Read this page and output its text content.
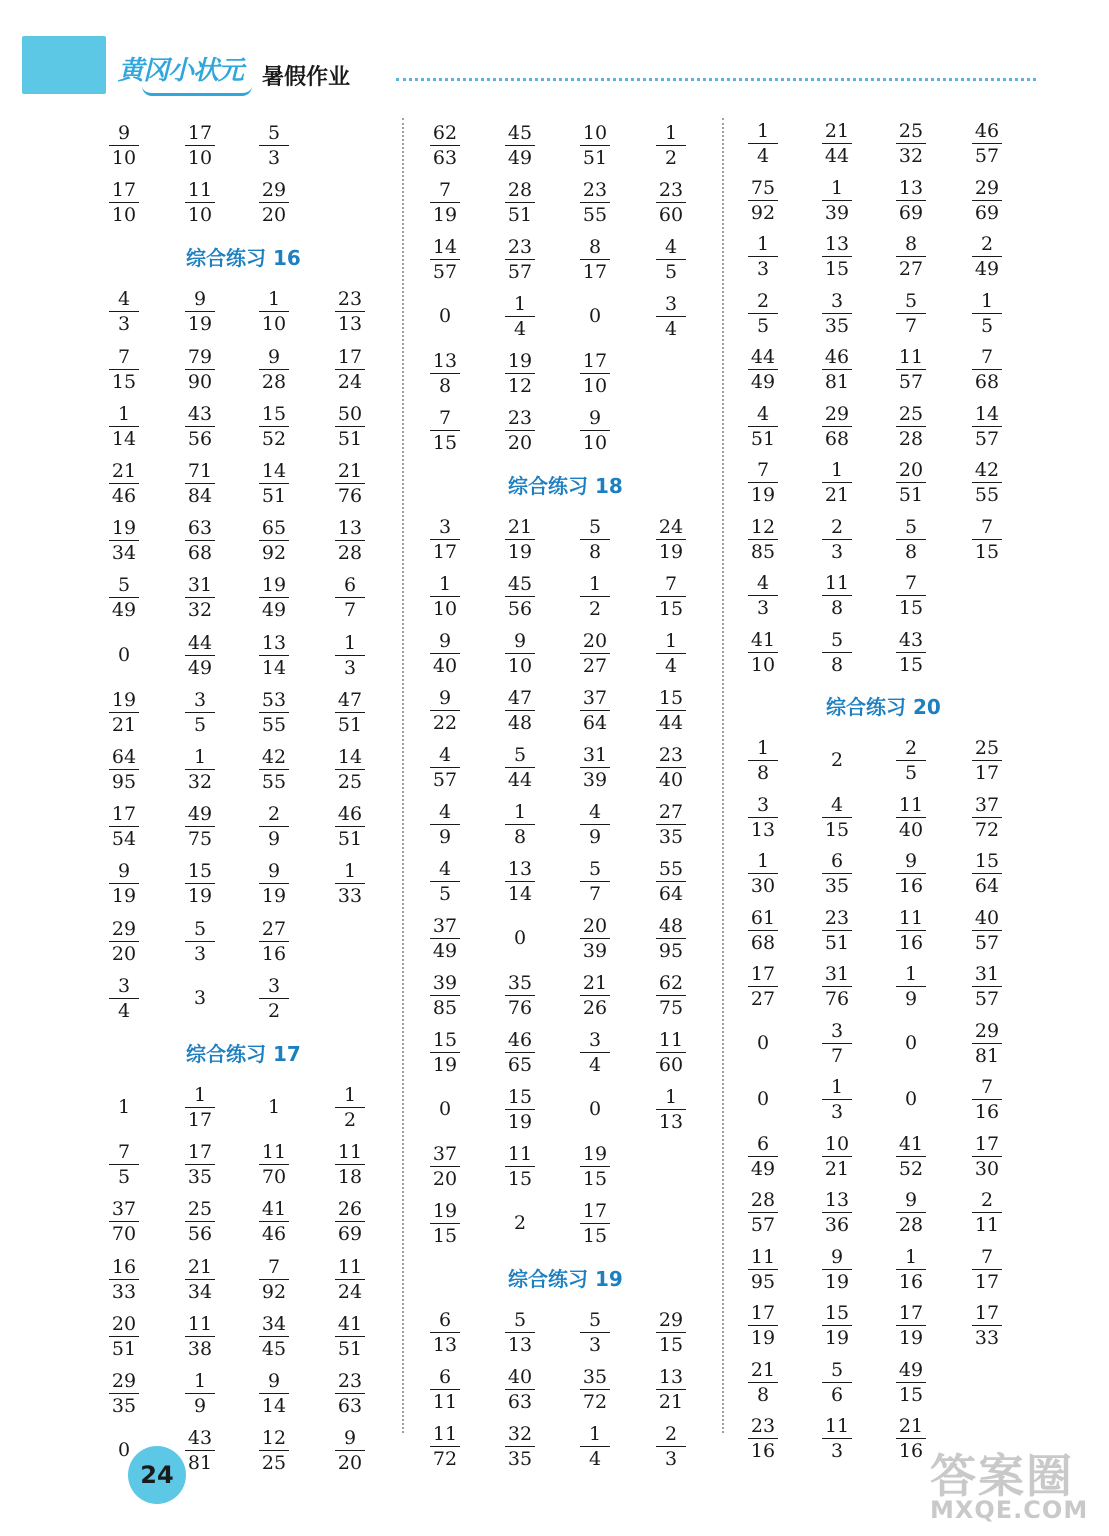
黄冈小状元 暑假作业
9
10
17
10
5
3
17
10
11
10
29
20
综合练习 16
4
3
9
19
1
10
23
13
7
15
79
90
9
28
17
24
1
14
43
56
15
52
50
51
21
46
71
84
14
51
21
76
19
34
63
68
65
92
13
28
5
49
31
32
19
49
6
7
0
44
49
13
14
1
3
19
21
3
5
53
55
47
51
64
95
1
32
42
55
14
25
17
54
49
75
2
9
46
51
9
19
15
19
9
19
1
33
29
20
5
3
27
16
3
4
3
3
2
综合练习 17
1
1
17
1
1
2
7
5
17
35
11
70
11
18
37
70
25
56
41
46
26
69
16
33
21
34
7
92
11
24
20
51
11
38
34
45
41
51
29
35
1
9
9
14
23
63
0
43
81
12
25
9
20
62
63
45
49
10
51
1
2
7
19
28
51
23
55
23
60
14
57
23
57
8
17
4
5
0
1
4
0
3
4
13
8
19
12
17
10
7
15
23
20
9
10
综合练习 18
3
17
21
19
5
8
24
19
1
10
45
56
1
2
7
15
9
40
9
10
20
27
1
4
9
22
47
48
37
64
15
44
4
57
5
44
31
39
23
40
4
9
1
8
4
9
27
35
4
5
13
14
5
7
55
64
37
49
0
20
39
48
95
39
85
35
76
21
26
62
75
15
19
46
65
3
4
11
60
0
15
19
0
1
13
37
20
11
15
19
15
19
15
2
17
15
综合练习 19
6
13
5
13
5
3
29
15
6
11
40
63
35
72
13
21
11
72
32
35
1
4
2
3
1
4
21
44
25
32
46
57
75
92
1
39
13
69
29
69
1
3
13
15
8
27
2
49
2
5
3
35
5
7
1
5
44
49
46
81
11
57
7
68
4
51
29
68
25
28
14
57
7
19
1
21
20
51
42
55
12
85
2
3
5
8
7
15
4
3
11
8
7
15
41
10
5
8
43
15
综合练习 20
1
8
2
2
5
25
17
3
13
4
15
11
40
37
72
1
30
6
35
9
16
15
64
61
68
23
51
11
16
40
57
17
27
31
76
1
9
31
57
0
3
7
0
29
81
0
1
3
0
7
16
6
49
10
21
41
52
17
30
28
57
13
36
9
28
2
11
11
95
9
19
1
16
7
17
17
19
15
19
17
19
17
33
21
8
5
6
49
15
23
16
11
3
21
16
24	答案圈
MXQE.COM
